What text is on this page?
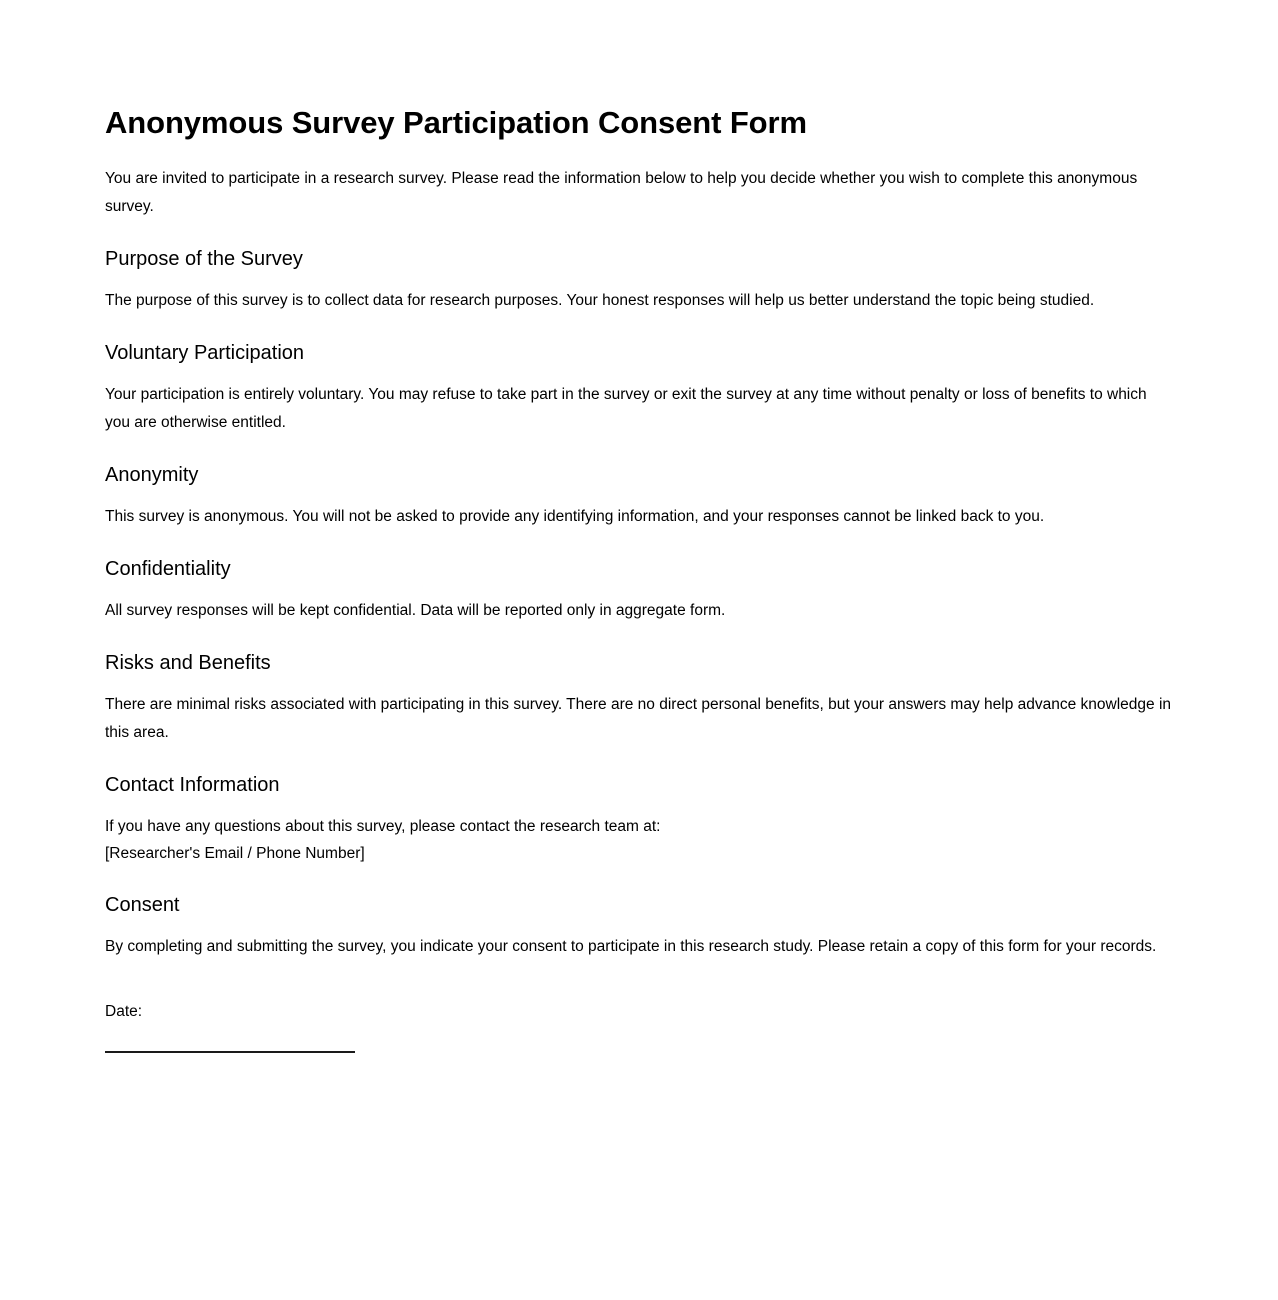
Anonymous Survey Participation Consent Form

You are invited to participate in a research survey. Please read the information below to help you decide whether you wish to complete this anonymous survey.

Purpose of the Survey

The purpose of this survey is to collect data for research purposes. Your honest responses will help us better understand the topic being studied.

Voluntary Participation

Your participation is entirely voluntary. You may refuse to take part in the survey or exit the survey at any time without penalty or loss of benefits to which you are otherwise entitled.

Anonymity

This survey is anonymous. You will not be asked to provide any identifying information, and your responses cannot be linked back to you.

Confidentiality

All survey responses will be kept confidential. Data will be reported only in aggregate form.

Risks and Benefits

There are minimal risks associated with participating in this survey. There are no direct personal benefits, but your answers may help advance knowledge in this area.

Contact Information

If you have any questions about this survey, please contact the research team at:
[Researcher's Email / Phone Number]

Consent

By completing and submitting the survey, you indicate your consent to participate in this research study. Please retain a copy of this form for your records.

Date:
